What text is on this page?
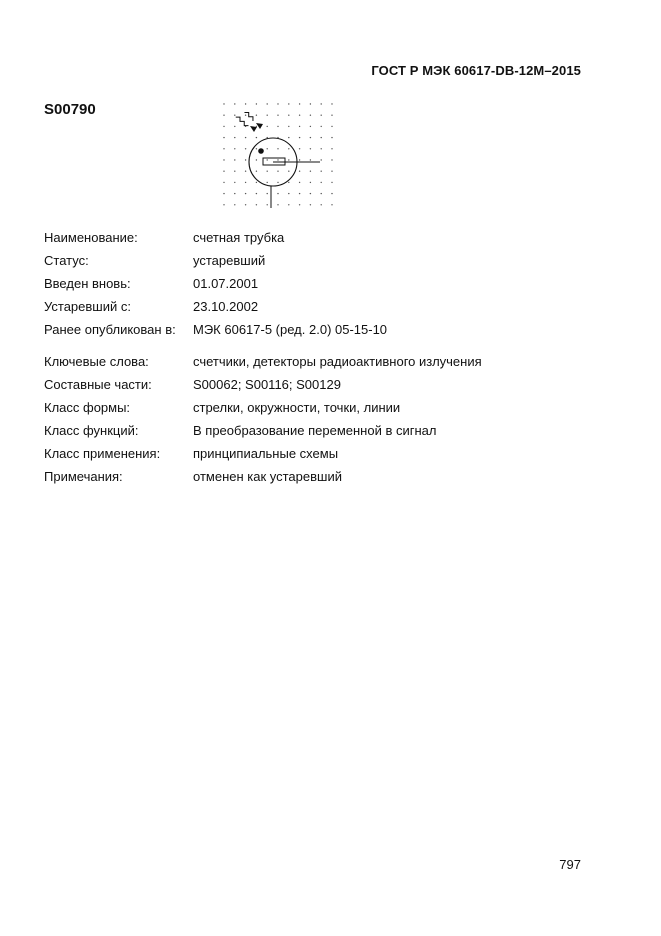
ГОСТ Р МЭК 60617-DB-12М–2015
S00790
Наименование:	счетная трубка
Статус:	устаревший
Введен вновь:	01.07.2001
Устаревший с:	23.10.2002
Ранее опубликован в:	МЭК 60617-5 (ред. 2.0) 05-15-10
Ключевые слова:	счетчики, детекторы радиоактивного излучения
Составные части:	S00062; S00116; S00129
Класс формы:	стрелки, окружности, точки, линии
Класс функций:	В преобразование переменной в сигнал
Класс применения:	принципиальные схемы
Примечания:	отменен как устаревший
797
